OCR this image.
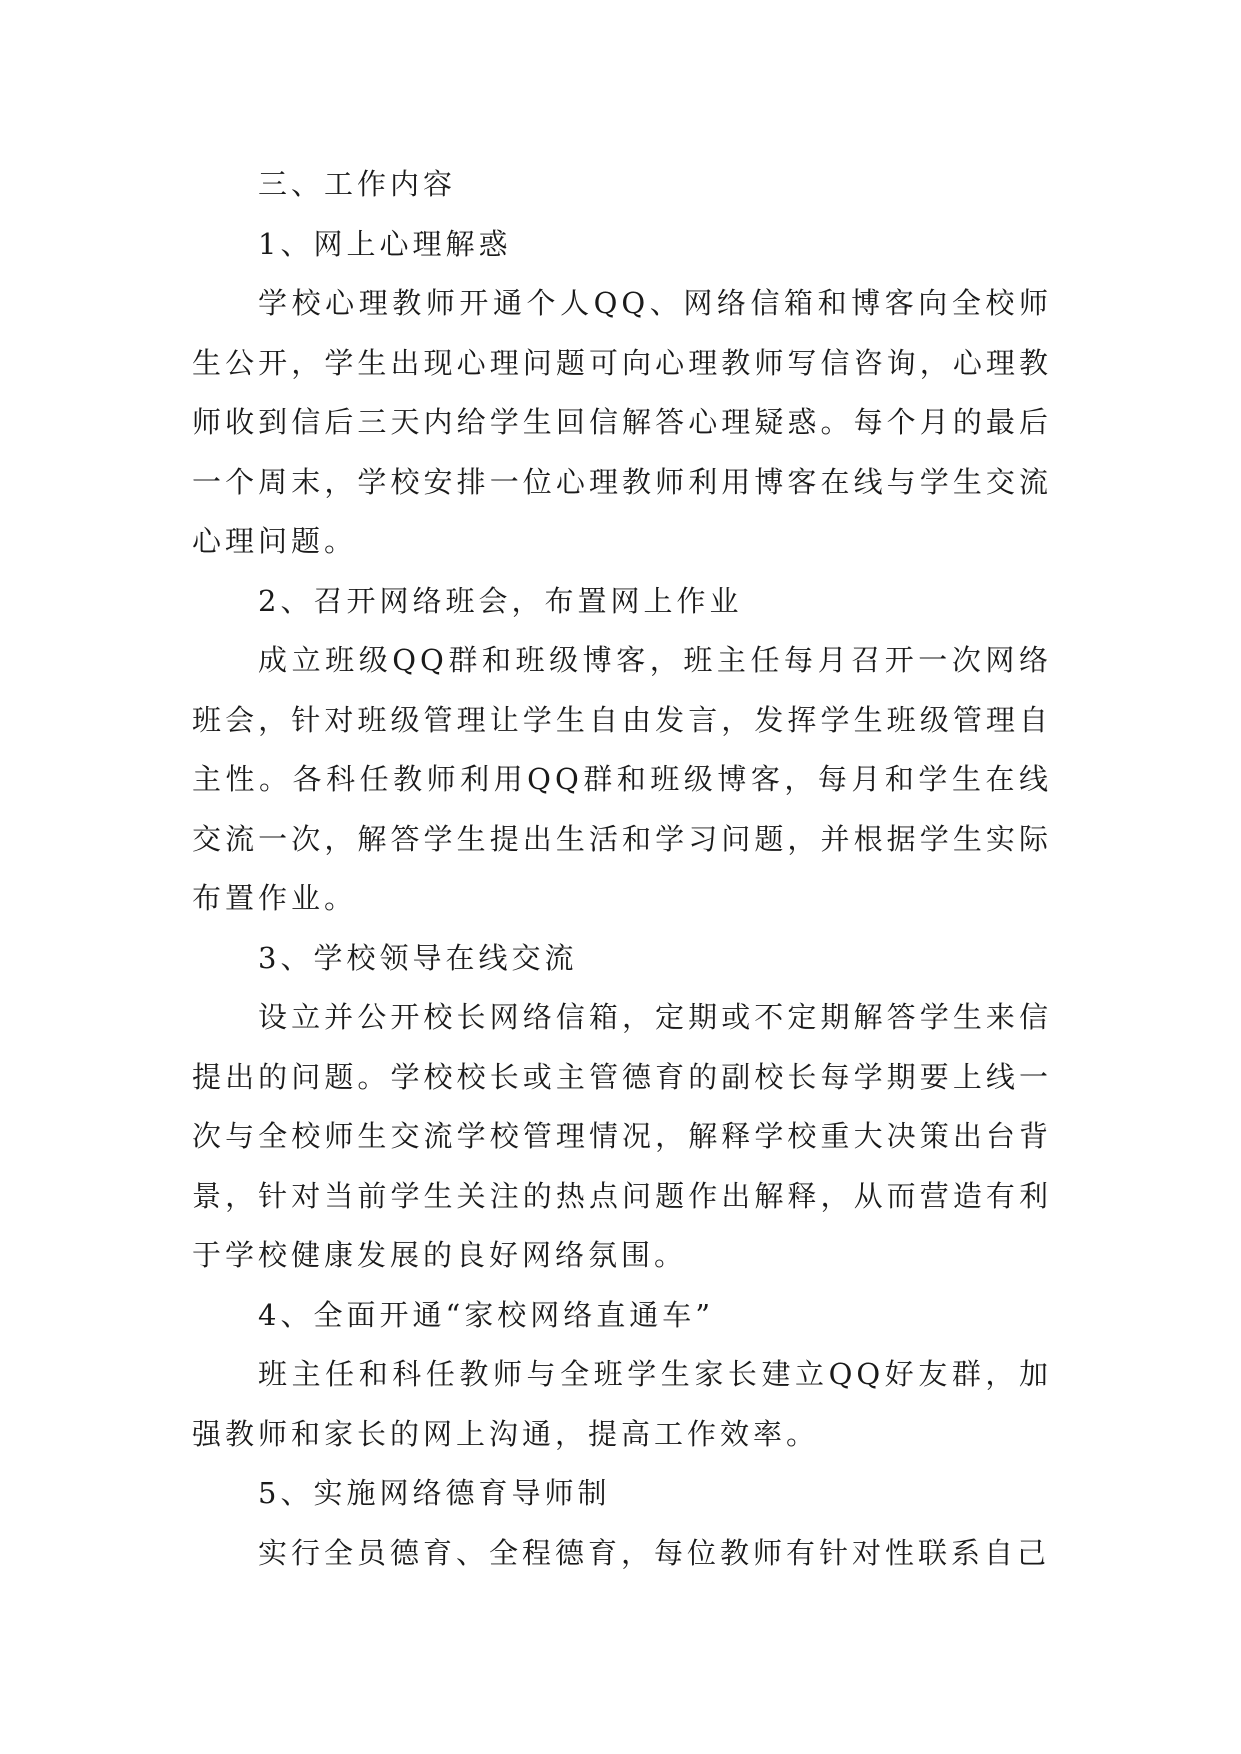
三、工作内容

1、网上心理解惑

学校心理教师开通个人QQ、网络信箱和博客向全校师生公开，学生出现心理问题可向心理教师写信咨询，心理教师收到信后三天内给学生回信解答心理疑惑。每个月的最后一个周末，学校安排一位心理教师利用博客在线与学生交流心理问题。

2、召开网络班会，布置网上作业

成立班级QQ群和班级博客，班主任每月召开一次网络班会，针对班级管理让学生自由发言，发挥学生班级管理自主性。各科任教师利用QQ群和班级博客，每月和学生在线交流一次，解答学生提出生活和学习问题，并根据学生实际布置作业。

3、学校领导在线交流

设立并公开校长网络信箱，定期或不定期解答学生来信提出的问题。学校校长或主管德育的副校长每学期要上线一次与全校师生交流学校管理情况，解释学校重大决策出台背景，针对当前学生关注的热点问题作出解释，从而营造有利于学校健康发展的良好网络氛围。

4、全面开通“家校网络直通车”

班主任和科任教师与全班学生家长建立QQ好友群，加强教师和家长的网上沟通，提高工作效率。

5、实施网络德育导师制

实行全员德育、全程德育，每位教师有针对性联系自己
